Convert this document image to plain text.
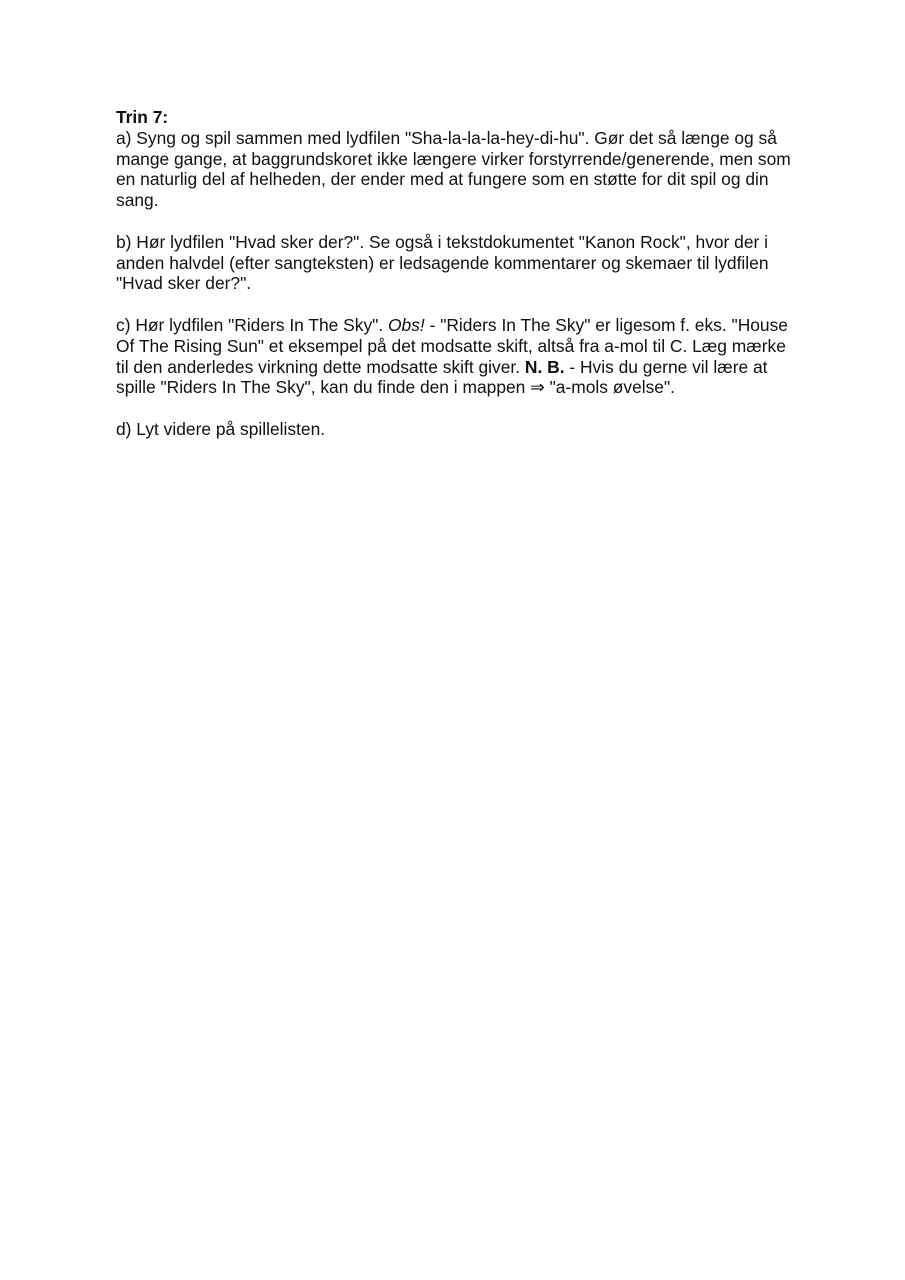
Trin 7:

a) Syng og spil sammen med lydfilen "Sha-la-la-la-hey-di-hu". Gør det så længe og så mange gange, at baggrundskoret ikke længere virker forstyrrende/generende, men som en naturlig del af helheden, der ender med at fungere som en støtte for dit spil og din sang.

b) Hør lydfilen "Hvad sker der?". Se også i tekstdokumentet "Kanon Rock", hvor der i anden halvdel (efter sangteksten) er ledsagende kommentarer og skemaer til lydfilen "Hvad sker der?".

c) Hør lydfilen "Riders In The Sky". Obs! - "Riders In The Sky" er ligesom f. eks. "House Of The Rising Sun" et eksempel på det modsatte skift, altså fra a-mol til C. Læg mærke til den anderledes virkning dette modsatte skift giver. N. B. - Hvis du gerne vil lære at spille "Riders In The Sky", kan du finde den i mappen ⇒ "a-mols øvelse".

d) Lyt videre på spillelisten.
